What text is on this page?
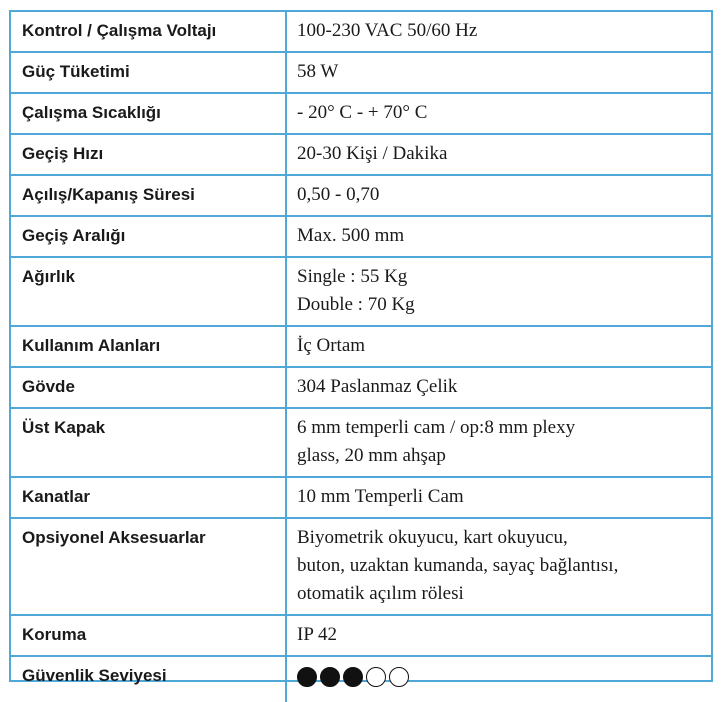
Kontrol / Çalışma Voltajı	100-230 VAC 50/60 Hz

Güç Tüketimi	58 W

Çalışma Sıcaklığı	- 20° C - + 70° C

Geçiş Hızı	20-30 Kişi / Dakika

Açılış/Kapanış Süresi	0,50 - 0,70

Geçiş Aralığı	Max. 500 mm

Ağırlık	Single : 55 Kg
Double : 70 Kg

Kullanım Alanları	İç Ortam

Gövde	304 Paslanmaz Çelik

Üst Kapak	6 mm temperli cam / op:8 mm plexy
glass, 20 mm ahşap

Kanatlar	10 mm Temperli Cam

Opsiyonel Aksesuarlar	Biyometrik okuyucu, kart okuyucu,
buton, uzaktan kumanda, sayaç bağlantısı,
otomatik açılım rölesi

Koruma	IP 42

Güvenlik Seviyesi	
